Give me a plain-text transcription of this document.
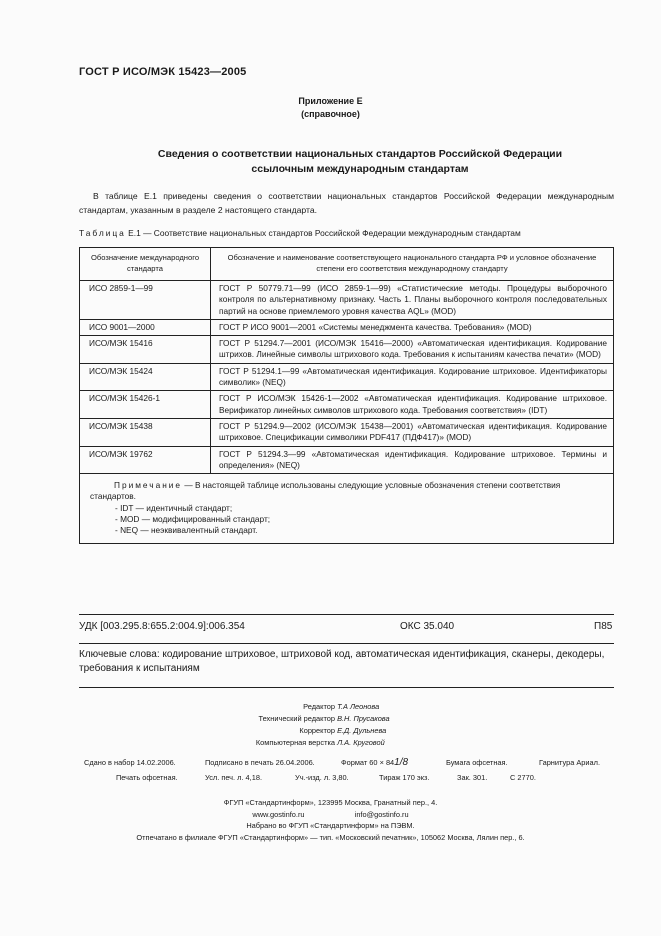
ГОСТ Р ИСО/МЭК 15423—2005
Приложение Е
(справочное)
Сведения о соответствии национальных стандартов Российской Федерации
ссылочным международным стандартам
В таблице Е.1 приведены сведения о соответствии национальных стандартов Российской Федерации международным стандартам, указанным в разделе 2 настоящего стандарта.
Таблица Е.1 — Соответствие национальных стандартов Российской Федерации международным стандартам
Обозначение международного стандарта	Обозначение и наименование соответствующего национального стандарта РФ и условное обозначение степени его соответствия международному стандарту
ИСО 2859-1—99	ГОСТ Р 50779.71—99 (ИСО 2859-1—99) «Статистические методы. Процедуры выборочного контроля по альтернативному признаку. Часть 1. Планы выборочного контроля последовательных партий на основе приемлемого уровня качества AQL» (MOD)
ИСО 9001—2000	ГОСТ Р ИСО 9001—2001 «Системы менеджмента качества. Требования» (MOD)
ИСО/МЭК 15416	ГОСТ Р 51294.7—2001 (ИСО/МЭК 15416—2000) «Автоматическая идентификация. Кодирование штрихов. Линейные символы штрихового кода. Требования к испытаниям качества печати» (MOD)
ИСО/МЭК 15424	ГОСТ Р 51294.1—99 «Автоматическая идентификация. Кодирование штриховое. Идентификаторы символик» (NEQ)
ИСО/МЭК 15426-1	ГОСТ Р ИСО/МЭК 15426-1—2002 «Автоматическая идентификация. Кодирование штриховое. Верификатор линейных символов штрихового кода. Требования соответствия» (IDT)
ИСО/МЭК 15438	ГОСТ Р 51294.9—2002 (ИСО/МЭК 15438—2001) «Автоматическая идентификация. Кодирование штриховое. Спецификации символики PDF417 (ПДФ417)» (MOD)
ИСО/МЭК 19762	ГОСТ Р 51294.3—99 «Автоматическая идентификация. Кодирование штриховое. Термины и определения» (NEQ)

Примечание — В настоящей таблице использованы следующие условные обозначения степени соответствия стандартов.
- IDT — идентичный стандарт;
- MOD — модифицированный стандарт;
- NEQ — неэквивалентный стандарт.	
УДК [003.295.8:655.2:004.9]:006.354	ОКС 35.040	П85
Ключевые слова: кодирование штриховое, штриховой код, автоматическая идентификация, сканеры, декодеры, требования к испытаниям
Редактор Т.А Леонова
Технический редактор В.Н. Прусакова
Корректор Е.Д. Дульнева
Компьютерная верстка Л.А. Круговой
Сдано в набор 14.02.2006.	Подписано в печать 26.04.2006.	Формат 60 × 841/8	Бумага офсетная.	Гарнитура Ариал.
Печать офсетная.	Усл. печ. л. 4,18.	Уч.-изд. л. 3,80.	Тираж 170 экз.	Зак. 301.	С 2770.
ФГУП «Стандартинформ», 123995 Москва, Гранатный пер., 4.
www.gostinfo.ru	info@gostinfo.ru
Набрано во ФГУП «Стандартинформ» на ПЭВМ.
Отпечатано в филиале ФГУП «Стандартинформ» — тип. «Московский печатник», 105062 Москва, Лялин пер., 6.
